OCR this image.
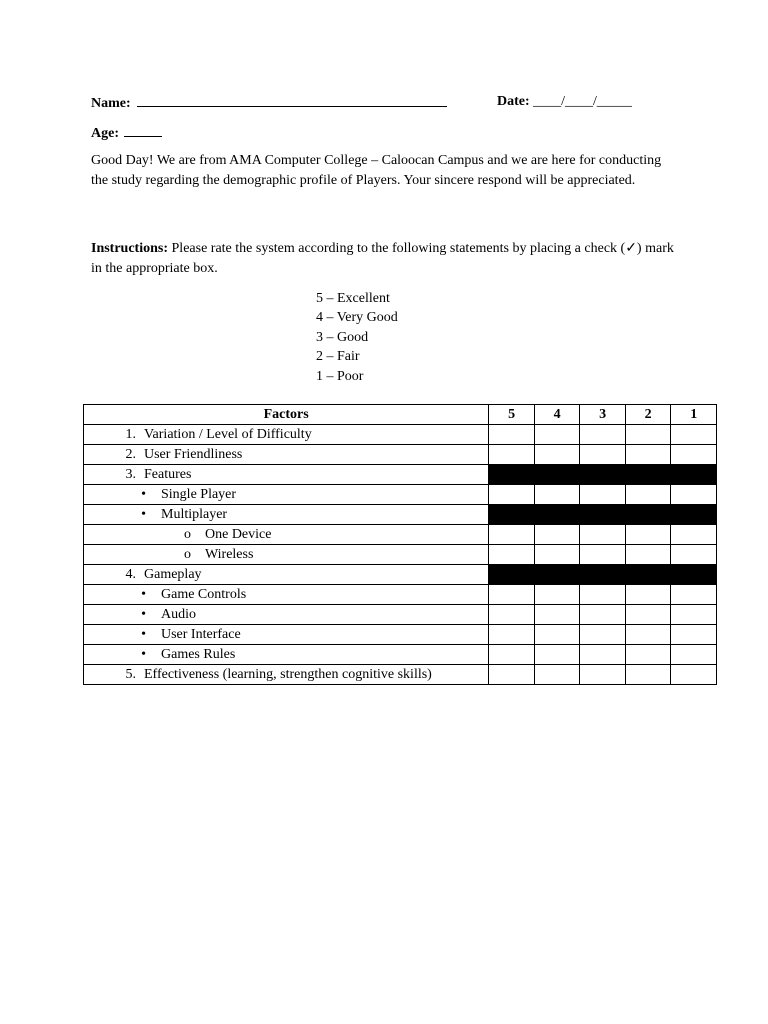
Name:	Date: ____/____/_____
Age:
Good Day! We are from AMA Computer College – Caloocan Campus and we are here for conducting the study regarding the demographic profile of Players. Your sincere respond will be appreciated.
Instructions: Please rate the system according to the following statements by placing a check (✓) mark in the appropriate box.
5 – Excellent
4 – Very Good
3 – Good
2 – Fair
1 – Poor
Factors	5	4	3	2	1
1. Variation / Level of Difficulty					
2. User Friendliness					
3. Features					
• Single Player					
• Multiplayer					
o One Device					
o Wireless					
4. Gameplay					
• Game Controls					
• Audio					
• User Interface					
• Games Rules					
5. Effectiveness (learning, strengthen cognitive skills)					
